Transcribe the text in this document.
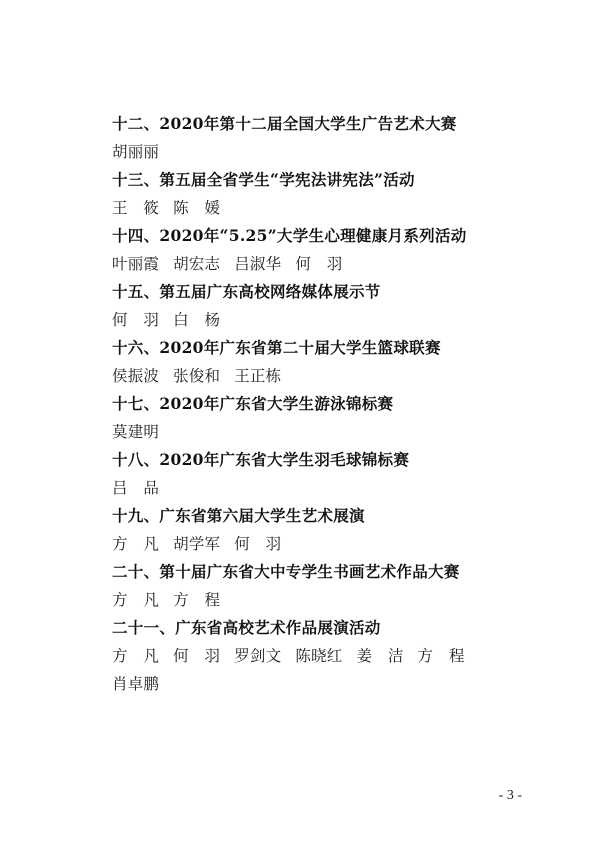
十二、2020年第十二届全国大学生广告艺术大赛
胡丽丽
十三、第五届全省学生“学宪法讲宪法”活动
王　筱 陈　媛
十四、2020年“5.25”大学生心理健康月系列活动
叶丽霞 胡宏志 吕淑华 何　羽
十五、第五届广东高校网络媒体展示节
何　羽 白　杨
十六、2020年广东省第二十届大学生篮球联赛
侯振波 张俊和 王正栋
十七、2020年广东省大学生游泳锦标赛
莫建明
十八、2020年广东省大学生羽毛球锦标赛
吕　品
十九、广东省第六届大学生艺术展演
方　凡 胡学军 何　羽
二十、第十届广东省大中专学生书画艺术作品大赛
方　凡 方　程
二十一、广东省高校艺术作品展演活动
方　凡 何　羽 罗剑文 陈晓红 姜　洁 方　程肖卓鹏
- 3 -
